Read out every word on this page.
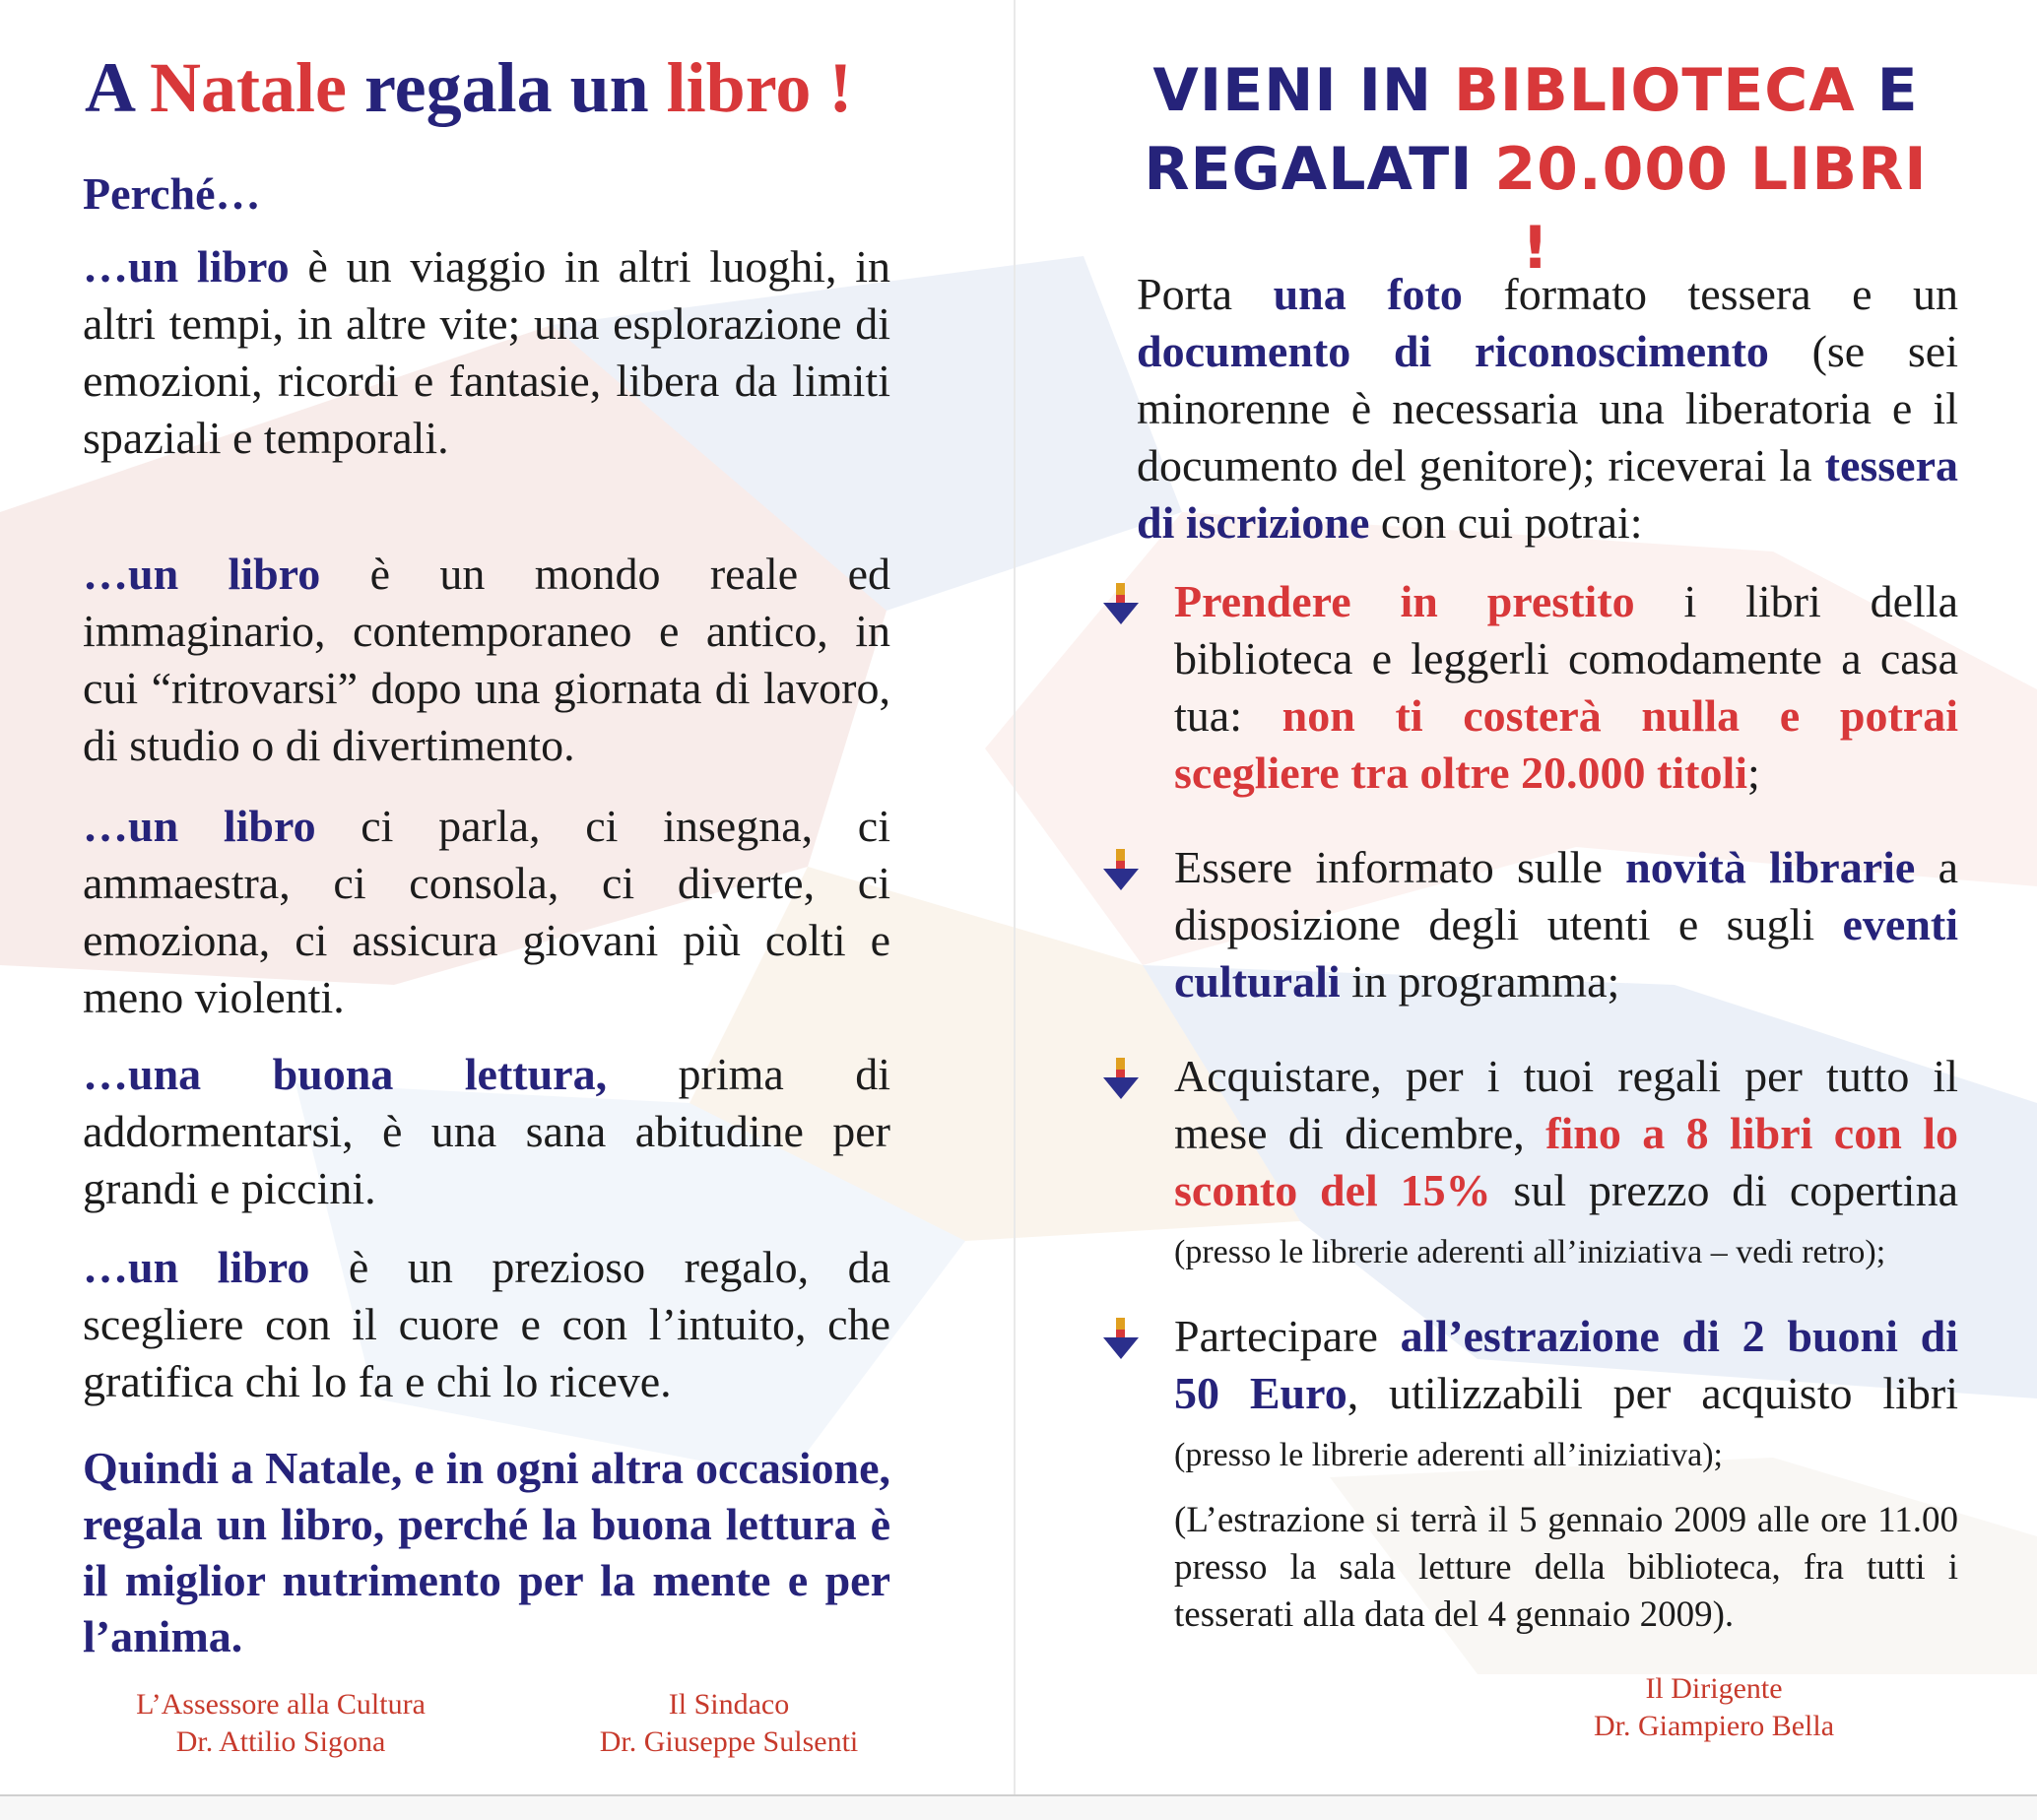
A Natale regala un libro !
Perché…

…un libro è un viaggio in altri luoghi, in altri tempi, in altre vite; una esplorazione di emozioni, ricordi e fantasie, libera da limiti spaziali e temporali.

…un libro è un mondo reale ed immaginario, contemporaneo e antico, in cui “ritrovarsi” dopo una giornata di lavoro, di studio o di divertimento.

…un libro ci parla, ci insegna, ci ammaestra, ci consola, ci diverte, ci emoziona, ci assicura giovani più colti e meno violenti.

…una buona lettura, prima di addormentarsi, è una sana abitudine per grandi e piccini.

…un libro è un prezioso regalo, da scegliere con il cuore e con l’intuito, che gratifica chi lo fa e chi lo riceve.

Quindi a Natale, e in ogni altra occasione, regala un libro, perché la buona lettura è il miglior nutrimento per la mente e per l’anima.
L’Assessore alla Cultura
Dr. Attilio Sigona
Il Sindaco
Dr. Giuseppe Sulsenti
VIENI IN BIBLIOTECA E
REGALATI 20.000 LIBRI !

Porta una foto formato tessera e un documento di riconoscimento (se sei minorenne è necessaria una liberatoria e il documento del genitore); riceverai la tessera di iscrizione con cui potrai:

Prendere in prestito i libri della biblioteca e leggerli comodamente a casa tua: non ti costerà nulla e potrai scegliere tra oltre 20.000 titoli;

Essere informato sulle novità librarie a disposizione degli utenti e sugli eventi culturali in programma;

Acquistare, per i tuoi regali per tutto il mese di dicembre, fino a 8 libri con lo sconto del 15% sul prezzo di copertina (presso le librerie aderenti all’iniziativa – vedi retro);

Partecipare all’estrazione di 2 buoni di 50 Euro, utilizzabili per acquisto libri (presso le librerie aderenti all’iniziativa);

(L’estrazione si terrà il 5 gennaio 2009 alle ore 11.00 presso la sala letture della biblioteca, fra tutti i tesserati alla data del 4 gennaio 2009).
Il Dirigente
Dr. Giampiero Bella
